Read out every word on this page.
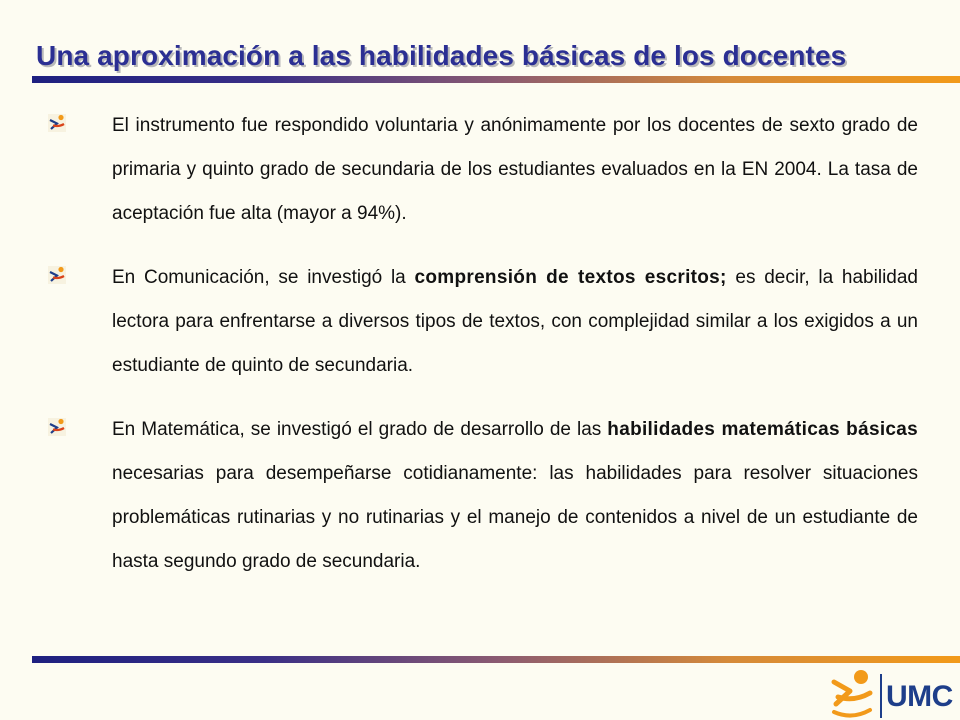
Una aproximación a las habilidades básicas de los docentes
El instrumento fue respondido voluntaria y anónimamente por los docentes de sexto grado de primaria y quinto grado de secundaria de los estudiantes evaluados en la EN 2004. La tasa de aceptación fue alta (mayor a 94%).
En Comunicación, se investigó la comprensión de textos escritos; es decir, la habilidad lectora para enfrentarse a diversos tipos de textos, con complejidad similar a los exigidos a un estudiante de quinto de secundaria.
En Matemática, se investigó el grado de desarrollo de las habilidades matemáticas básicas necesarias para desempeñarse cotidianamente: las habilidades para resolver situaciones problemáticas rutinarias y no rutinarias y el manejo de contenidos a nivel de un estudiante de hasta segundo grado de secundaria.
UMC
